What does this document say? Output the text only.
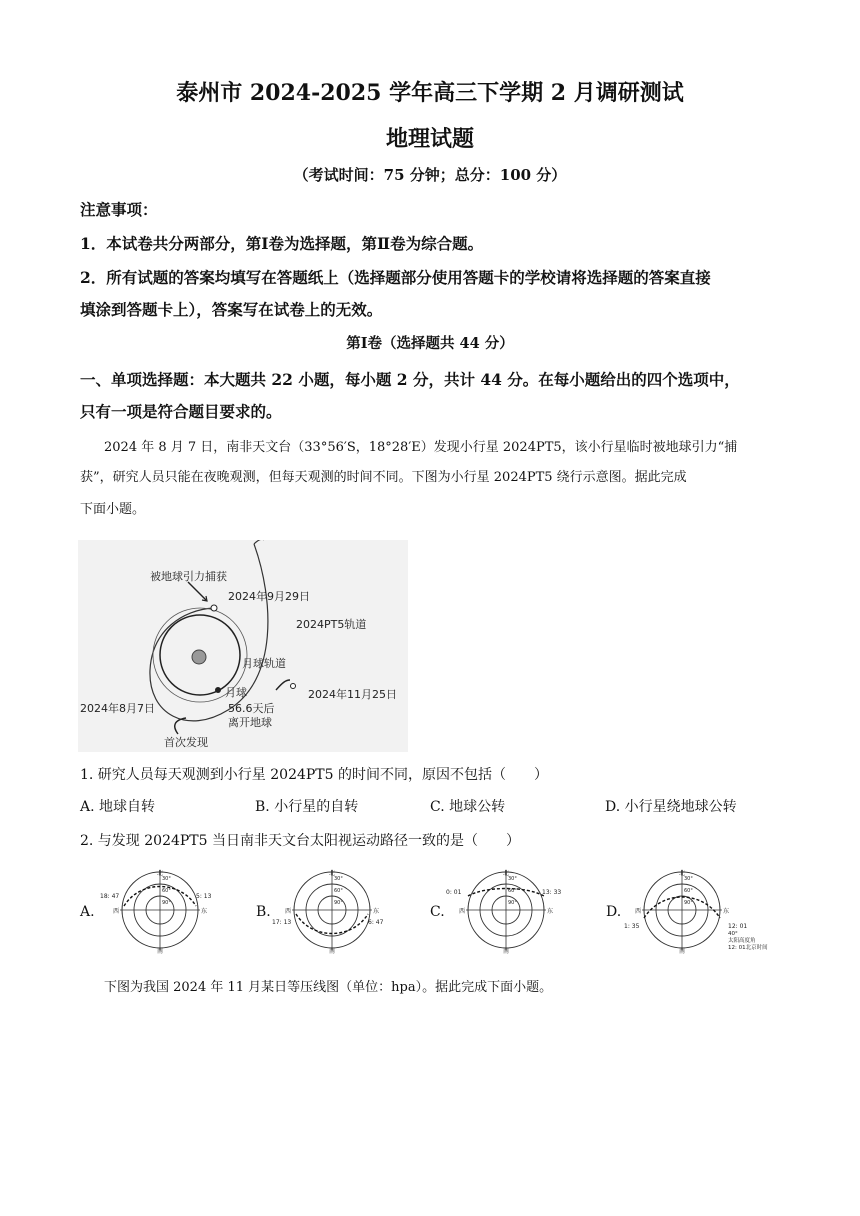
泰州市 2024-2025 学年高三下学期 2 月调研测试
地理试题
（考试时间：75 分钟；总分：100 分）
注意事项：
1．本试卷共分两部分，第Ⅰ卷为选择题，第Ⅱ卷为综合题。
2．所有试题的答案均填写在答题纸上（选择题部分使用答题卡的学校请将选择题的答案直接
填涂到答题卡上），答案写在试卷上的无效。
第Ⅰ卷（选择题共 44 分）
一、单项选择题：本大题共 22 小题，每小题 2 分，共计 44 分。在每小题给出的四个选项中，
只有一项是符合题目要求的。
2024 年 8 月 7 日，南非天文台（33°56′S，18°28′E）发现小行星 2024PT5，该小行星临时被地球引力“捕
获”，研究人员只能在夜晚观测，但每天观测的时间不同。下图为小行星 2024PT5 绕行示意图。据此完成
下面小题。
被地球引力捕获
2024年9月29日
2024PT5轨道
月球轨道
月球	2024年11月25日
56.6天后
离开地球
2024年8月7日
首次发现
1. 研究人员每天观测到小行星 2024PT5 的时间不同，原因不包括（　　）
A. 地球自转	B. 小行星的自转	C. 地球公转	D. 小行星绕地球公转
2. 与发现 2024PT5 当日南非天文台太阳视运动路径一致的是（　　）
A.
北
南
西	东
30°
60°
90°
18: 47	5: 13
B.
北
南
西	东
30°
60°
90°
17: 13	6: 47
C.
北
南
西	东
30°
60°
90°
0: 01	13: 33
D.
北
南
西	东
30°
60°
90°
1: 35	12: 01
40°
太阳高度角
12: 01北京时间
下图为我国 2024 年 11 月某日等压线图（单位：hpa）。据此完成下面小题。
